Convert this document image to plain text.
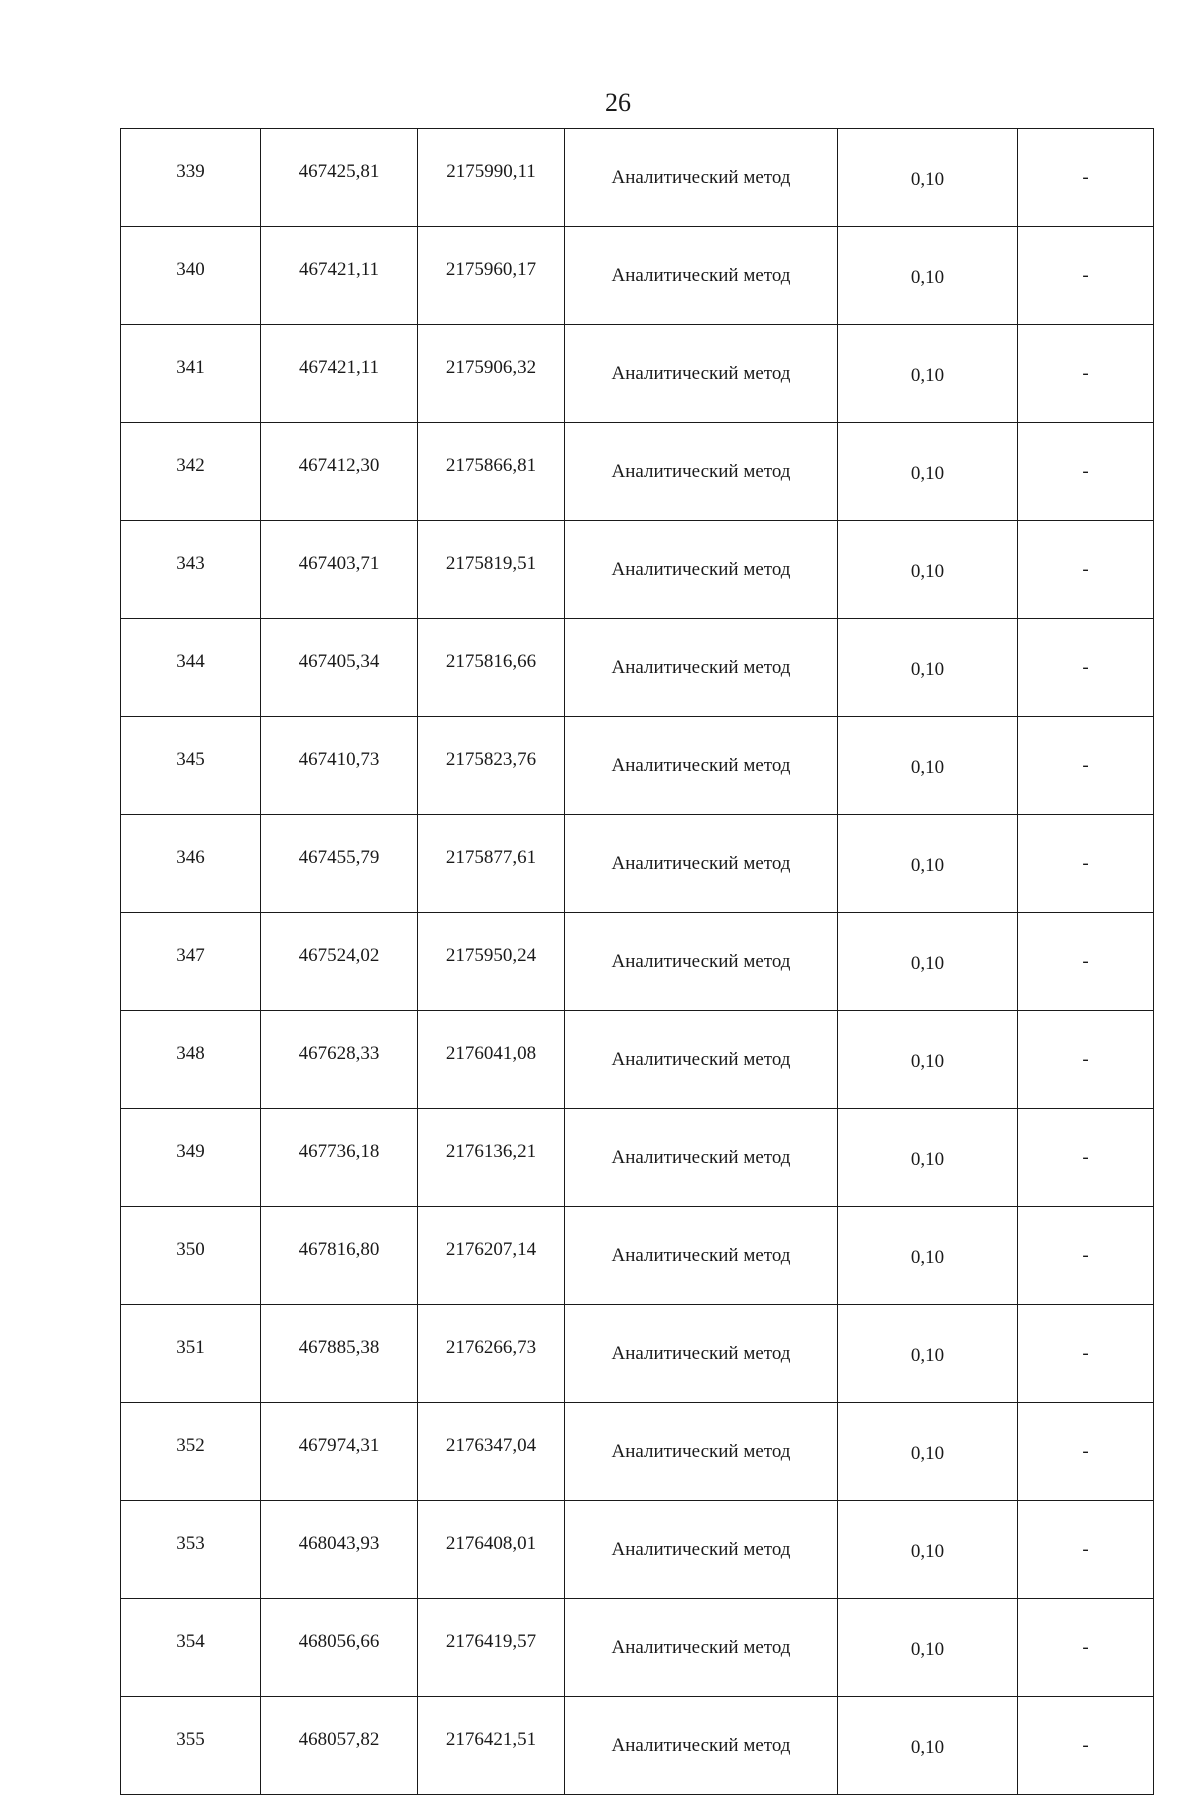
26
339	467425,81	2175990,11	Аналитический метод	0,10	-
340	467421,11	2175960,17	Аналитический метод	0,10	-
341	467421,11	2175906,32	Аналитический метод	0,10	-
342	467412,30	2175866,81	Аналитический метод	0,10	-
343	467403,71	2175819,51	Аналитический метод	0,10	-
344	467405,34	2175816,66	Аналитический метод	0,10	-
345	467410,73	2175823,76	Аналитический метод	0,10	-
346	467455,79	2175877,61	Аналитический метод	0,10	-
347	467524,02	2175950,24	Аналитический метод	0,10	-
348	467628,33	2176041,08	Аналитический метод	0,10	-
349	467736,18	2176136,21	Аналитический метод	0,10	-
350	467816,80	2176207,14	Аналитический метод	0,10	-
351	467885,38	2176266,73	Аналитический метод	0,10	-
352	467974,31	2176347,04	Аналитический метод	0,10	-
353	468043,93	2176408,01	Аналитический метод	0,10	-
354	468056,66	2176419,57	Аналитический метод	0,10	-
355	468057,82	2176421,51	Аналитический метод	0,10	-
